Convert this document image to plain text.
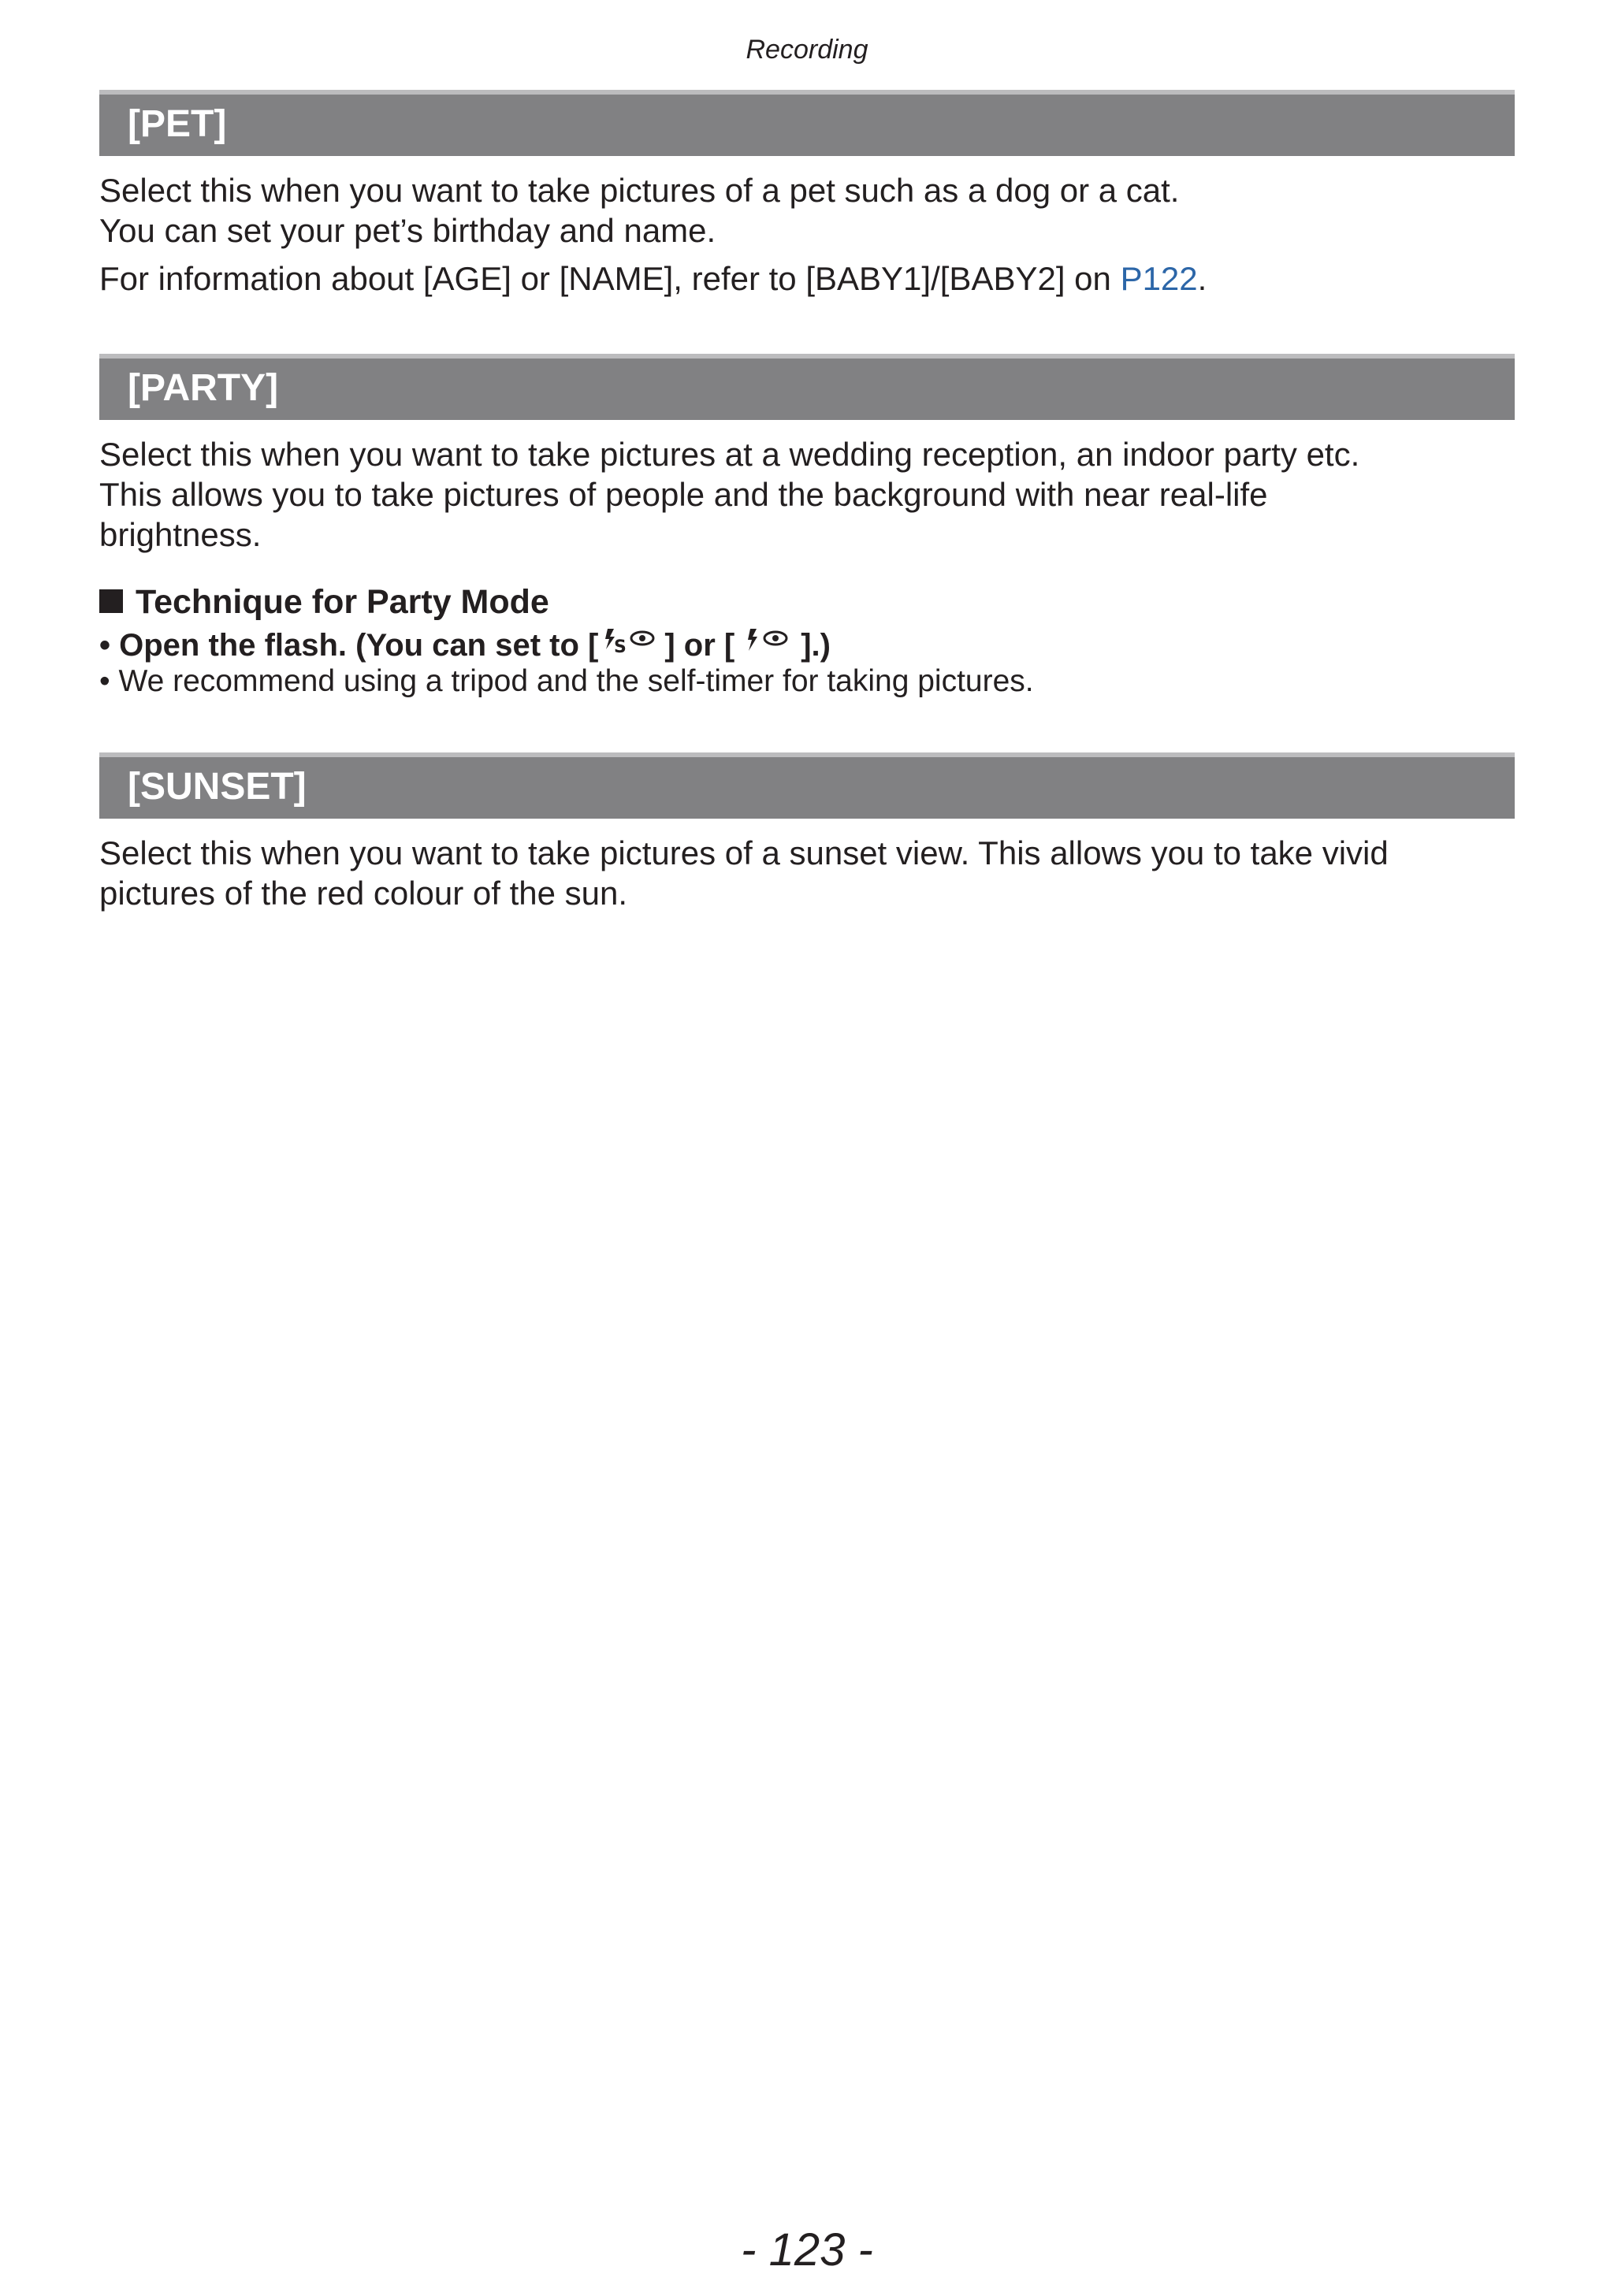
Recording
[PET]

Select this when you want to take pictures of a pet such as a dog or a cat.

You can set your pet’s birthday and name.

For information about [AGE] or [NAME], refer to [BABY1]/[BABY2] on P122.

[PARTY]

Select this when you want to take pictures at a wedding reception, an indoor party etc.

This allows you to take pictures of people and the background with near real-life

brightness.

Technique for Party Mode
• Open the flash. (You can set to [ S ] or [ ].)
• We recommend using a tripod and the self-timer for taking pictures.
[SUNSET]

Select this when you want to take pictures of a sunset view. This allows you to take vivid

pictures of the red colour of the sun.

- 123 -
